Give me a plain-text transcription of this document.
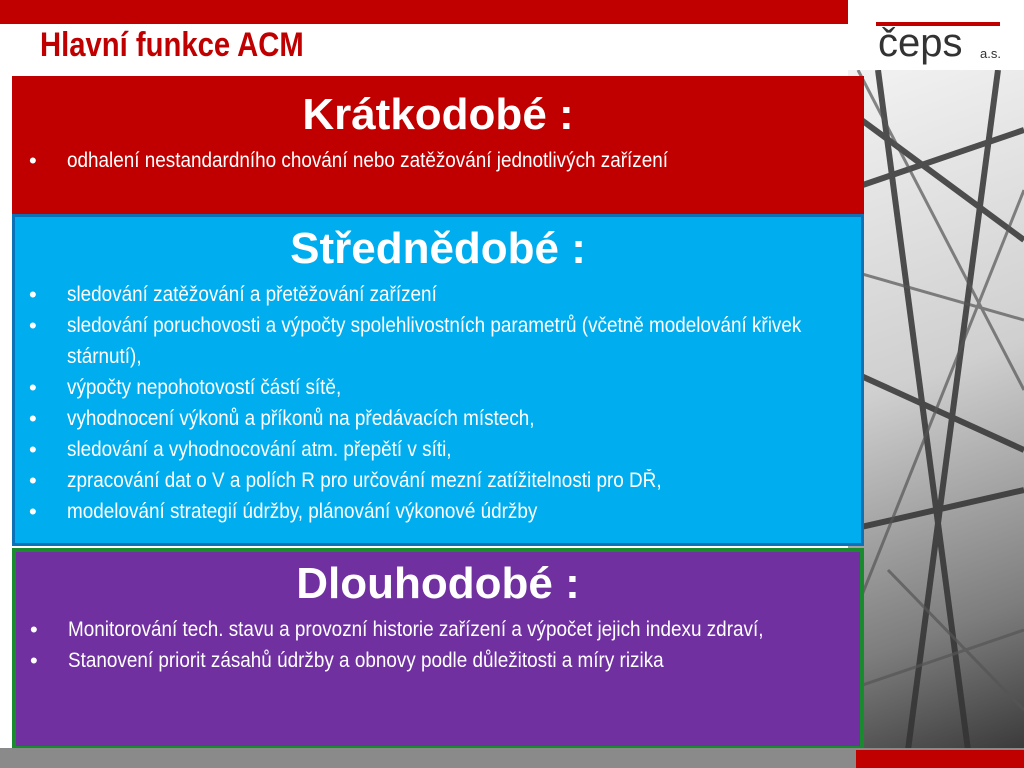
Hlavní funkce ACM	čeps a.s.
Krátkodobé :
• odhalení nestandardního chování nebo zatěžování jednotlivých zařízení
Střednědobé :
• sledování zatěžování a přetěžování zařízení
• sledování poruchovosti a výpočty spolehlivostních parametrů (včetně modelování křivek stárnutí),
• výpočty nepohotovostí částí sítě,
• vyhodnocení výkonů a příkonů na předávacích místech,
• sledování a vyhodnocování atm. přepětí v síti,
• zpracování dat o V a polích R pro určování mezní zatížitelnosti pro DŘ,
• modelování strategií údržby, plánování výkonové údržby
Dlouhodobé :
• Monitorování tech. stavu a provozní historie zařízení a výpočet jejich indexu zdraví,
• Stanovení priorit zásahů údržby a obnovy podle důležitosti a míry rizika
